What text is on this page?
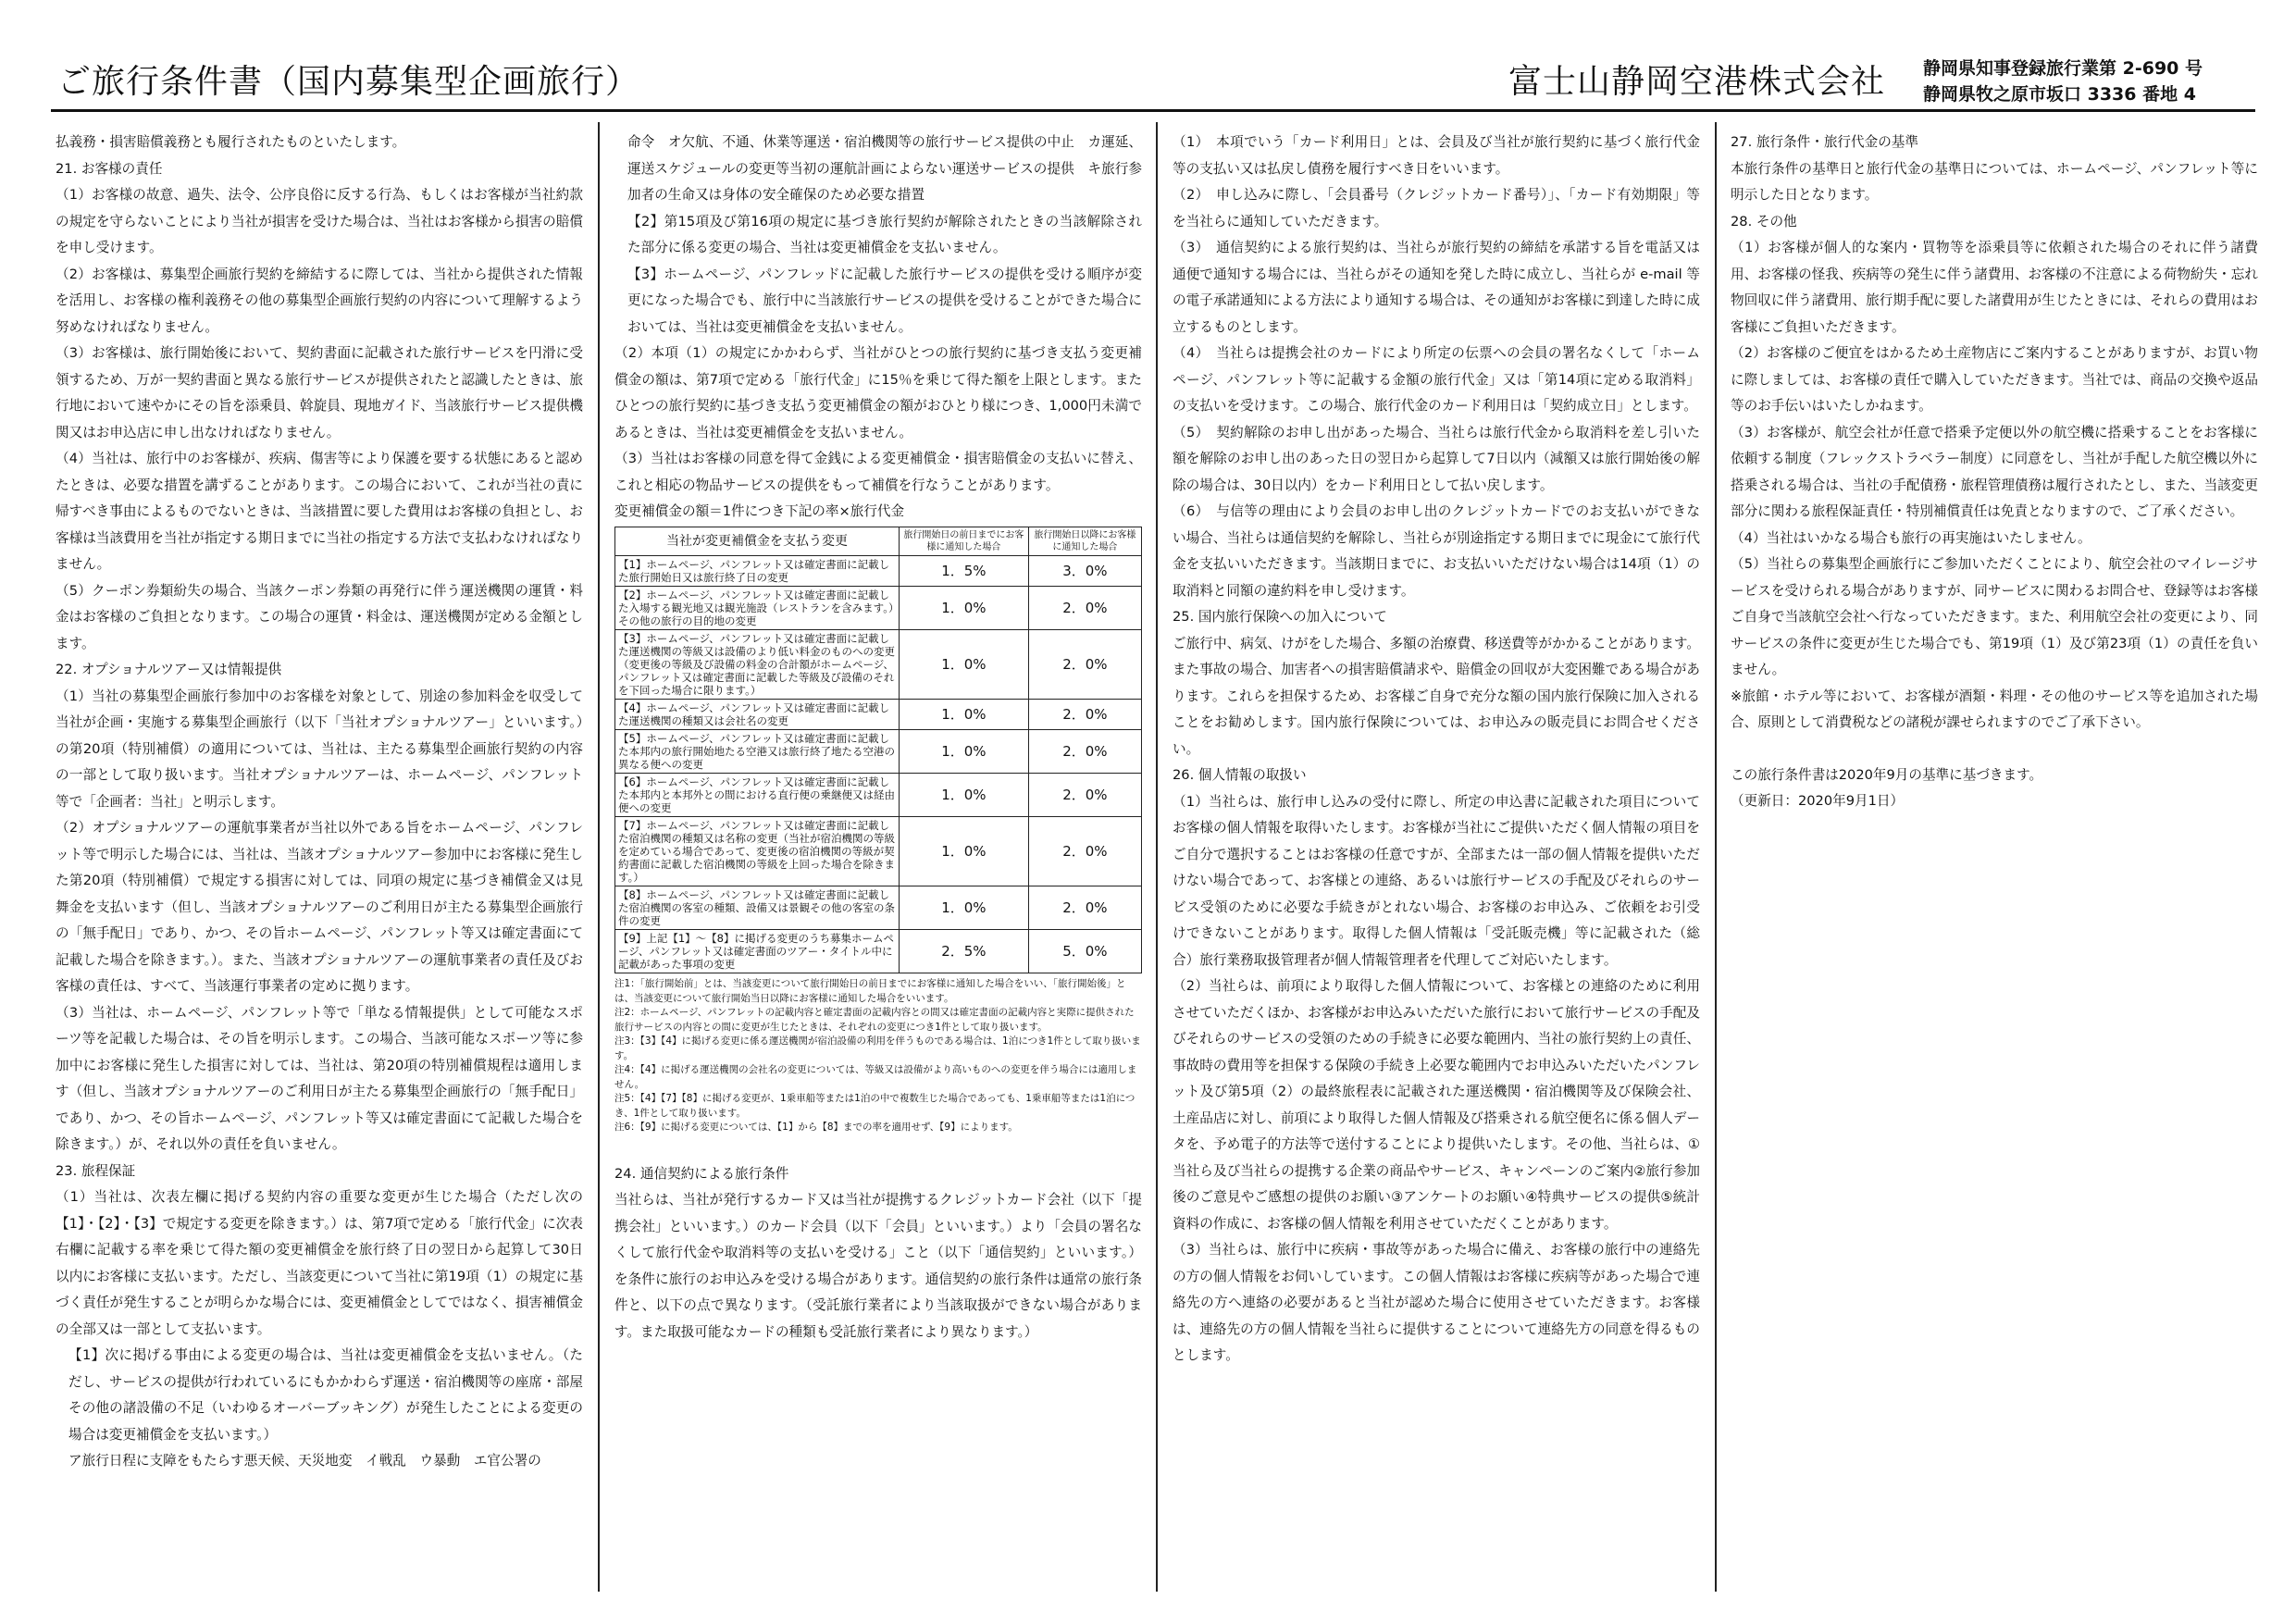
ご旅行条件書（国内募集型企画旅行）	富士山静岡空港株式会社 静岡県知事登録旅行業第 2-690 号
静岡県牧之原市坂口 3336 番地 4
払義務・損害賠償義務とも履行されたものといたします。
21. お客様の責任
（1）お客様の故意、過失、法令、公序良俗に反する行為、もしくはお客様が当社約款の規定を守らないことにより当社が損害を受けた場合は、当社はお客様から損害の賠償を申し受けます。
（2）お客様は、募集型企画旅行契約を締結するに際しては、当社から提供された情報を活用し、お客様の権利義務その他の募集型企画旅行契約の内容について理解するよう努めなければなりません。
（3）お客様は、旅行開始後において、契約書面に記載された旅行サービスを円滑に受領するため、万が一契約書面と異なる旅行サービスが提供されたと認識したときは、旅行地において速やかにその旨を添乗員、斡旋員、現地ガイド、当該旅行サービス提供機関又はお申込店に申し出なければなりません。
（4）当社は、旅行中のお客様が、疾病、傷害等により保護を要する状態にあると認めたときは、必要な措置を講ずることがあります。この場合において、これが当社の責に帰すべき事由によるものでないときは、当該措置に要した費用はお客様の負担とし、お客様は当該費用を当社が指定する期日までに当社の指定する方法で支払わなければなりません。
（5）クーポン券類紛失の場合、当該クーポン券類の再発行に伴う運送機関の運賃・料金はお客様のご負担となります。この場合の運賃・料金は、運送機関が定める金額とします。
22. オプショナルツアー又は情報提供
（1）当社の募集型企画旅行参加中のお客様を対象として、別途の参加料金を収受して当社が企画・実施する募集型企画旅行（以下「当社オプショナルツアー」といいます。）の第20項（特別補償）の適用については、当社は、主たる募集型企画旅行契約の内容の一部として取り扱います。当社オプショナルツアーは、ホームページ、パンフレット等で「企画者：当社」と明示します。
（2）オプショナルツアーの運航事業者が当社以外である旨をホームページ、パンフレット等で明示した場合には、当社は、当該オプショナルツアー参加中にお客様に発生した第20項（特別補償）で規定する損害に対しては、同項の規定に基づき補償金又は見舞金を支払います（但し、当該オプショナルツアーのご利用日が主たる募集型企画旅行の「無手配日」であり、かつ、その旨ホームページ、パンフレット等又は確定書面にて記載した場合を除きます。）。また、当該オプショナルツアーの運航事業者の責任及びお客様の責任は、すべて、当該運行事業者の定めに拠ります。
（3）当社は、ホームページ、パンフレット等で「単なる情報提供」として可能なスポーツ等を記載した場合は、その旨を明示します。この場合、当該可能なスポーツ等に参加中にお客様に発生した損害に対しては、当社は、第20項の特別補償規程は適用します（但し、当該オプショナルツアーのご利用日が主たる募集型企画旅行の「無手配日」であり、かつ、その旨ホームページ、パンフレット等又は確定書面にて記載した場合を除きます。）が、それ以外の責任を負いません。
23. 旅程保証
（1）当社は、次表左欄に掲げる契約内容の重要な変更が生じた場合（ただし次の【1】・【2】・【3】で規定する変更を除きます。）は、第7項で定める「旅行代金」に次表右欄に記載する率を乗じて得た額の変更補償金を旅行終了日の翌日から起算して30日以内にお客様に支払います。ただし、当該変更について当社に第19項（1）の規定に基づく責任が発生することが明らかな場合には、変更補償金としてではなく、損害補償金の全部又は一部として支払います。
【1】次に掲げる事由による変更の場合は、当社は変更補償金を支払いません。（ただし、サービスの提供が行われているにもかかわらず運送・宿泊機関等の座席・部屋その他の諸設備の不足（いわゆるオーバーブッキング）が発生したことによる変更の場合は変更補償金を支払います。）
ア旅行日程に支障をもたらす悪天候、天災地変　イ戦乱　ウ暴動　エ官公署の
命令　オ欠航、不通、休業等運送・宿泊機関等の旅行サービス提供の中止　カ運延、運送スケジュールの変更等当初の運航計画によらない運送サービスの提供　キ旅行参加者の生命又は身体の安全確保のため必要な措置
【2】第15項及び第16項の規定に基づき旅行契約が解除されたときの当該解除された部分に係る変更の場合、当社は変更補償金を支払いません。
【3】ホームページ、パンフレッドに記載した旅行サービスの提供を受ける順序が変更になった場合でも、旅行中に当該旅行サービスの提供を受けることができた場合においては、当社は変更補償金を支払いません。
（2）本項（1）の規定にかかわらず、当社がひとつの旅行契約に基づき支払う変更補償金の額は、第7項で定める「旅行代金」に15％を乗じて得た額を上限とします。またひとつの旅行契約に基づき支払う変更補償金の額がおひとり様につき、1,000円未満であるときは、当社は変更補償金を支払いません。
（3）当社はお客様の同意を得て金銭による変更補償金・損害賠償金の支払いに替え、これと相応の物品サービスの提供をもって補償を行なうことがあります。
変更補償金の額＝1件につき下記の率×旅行代金
当社が変更補償金を支払う変更	旅行開始日の前日までにお客様に通知した場合	旅行開始日以降にお客様に通知した場合
【1】ホームページ、パンフレット又は確定書面に記載した旅行開始日又は旅行終了日の変更	1．5%	3．0%
【2】ホームページ、パンフレット又は確定書面に記載した入場する観光地又は観光施設（レストランを含みます。）その他の旅行の目的地の変更	1．0%	2．0%
【3】ホームページ、パンフレット又は確定書面に記載した運送機関の等級又は設備のより低い料金のものへの変更（変更後の等級及び設備の料金の合計額がホームページ、パンフレット又は確定書面に記載した等級及び設備のそれを下回った場合に限ります。）	1．0%	2．0%
【4】ホームページ、パンフレット又は確定書面に記載した運送機関の種類又は会社名の変更	1．0%	2．0%
【5】ホームページ、パンフレット又は確定書面に記載した本邦内の旅行開始地たる空港又は旅行終了地たる空港の異なる便への変更	1．0%	2．0%
【6】ホームページ、パンフレット又は確定書面に記載した本邦内と本邦外との間における直行便の乗継便又は経由便への変更	1．0%	2．0%
【7】ホームページ、パンフレット又は確定書面に記載した宿泊機関の種類又は名称の変更（当社が宿泊機関の等級を定めている場合であって、変更後の宿泊機関の等級が契約書面に記載した宿泊機関の等級を上回った場合を除きます。）	1．0%	2．0%
【8】ホームページ、パンフレット又は確定書面に記載した宿泊機関の客室の種類、設備又は景観その他の客室の条件の変更	1．0%	2．0%
【9】上記【1】～【8】に掲げる変更のうち募集ホームページ、パンフレット又は確定書面のツアー・タイトル中に記載があった事項の変更	2．5%	5．0%
注1：「旅行開始前」とは、当該変更について旅行開始日の前日までにお客様に通知した場合をいい、「旅行開始後」とは、当該変更について旅行開始当日以降にお客様に通知した場合をいいます。
注2：ホームページ、パンフレットの記載内容と確定書面の記載内容との間又は確定書面の記載内容と実際に提供された旅行サービスの内容との間に変更が生じたときは、それぞれの変更につき1件として取り扱います。
注3：【3】【4】に掲げる変更に係る運送機関が宿泊設備の利用を伴うものである場合は、1泊につき1件として取り扱います。
注4：【4】に掲げる運送機関の会社名の変更については、等級又は設備がより高いものへの変更を伴う場合には適用しません。
注5：【4】【7】【8】に掲げる変更が、1乗車船等または1泊の中で複数生じた場合であっても、1乗車船等または1泊につき、1件として取り扱います。
注6：【9】に掲げる変更については、【1】から【8】までの率を適用せず、【9】によります。
24. 通信契約による旅行条件
当社らは、当社が発行するカード又は当社が提携するクレジットカード会社（以下「提携会社」といいます。）のカード会員（以下「会員」といいます。）より「会員の署名なくして旅行代金や取消料等の支払いを受ける」こと（以下「通信契約」といいます。）を条件に旅行のお申込みを受ける場合があります。通信契約の旅行条件は通常の旅行条件と、以下の点で異なります。（受託旅行業者により当該取扱ができない場合があります。また取扱可能なカードの種類も受託旅行業者により異なります。）
（1）　本項でいう「カード利用日」とは、会員及び当社が旅行契約に基づく旅行代金等の支払い又は払戻し債務を履行すべき日をいいます。
（2）　申し込みに際し、「会員番号（クレジットカード番号）」、「カード有効期限」等を当社らに通知していただきます。
（3）　通信契約による旅行契約は、当社らが旅行契約の締結を承諾する旨を電話又は通便で通知する場合には、当社らがその通知を発した時に成立し、当社らが e-mail 等の電子承諾通知による方法により通知する場合は、その通知がお客様に到達した時に成立するものとします。
（4）　当社らは提携会社のカードにより所定の伝票への会員の署名なくして「ホームページ、パンフレット等に記載する金額の旅行代金」又は「第14項に定める取消料」の支払いを受けます。この場合、旅行代金のカード利用日は「契約成立日」とします。
（5）　契約解除のお申し出があった場合、当社らは旅行代金から取消料を差し引いた額を解除のお申し出のあった日の翌日から起算して7日以内（減額又は旅行開始後の解除の場合は、30日以内）をカード利用日として払い戻します。
（6）　与信等の理由により会員のお申し出のクレジットカードでのお支払いができない場合、当社らは通信契約を解除し、当社らが別途指定する期日までに現金にて旅行代金を支払いいただきます。当該期日までに、お支払いいただけない場合は14項（1）の取消料と同額の違約料を申し受けます。
25. 国内旅行保険への加入について
ご旅行中、病気、けがをした場合、多額の治療費、移送費等がかかることがあります。また事故の場合、加害者への損害賠償請求や、賠償金の回収が大変困難である場合があります。これらを担保するため、お客様ご自身で充分な額の国内旅行保険に加入されることをお勧めします。国内旅行保険については、お申込みの販売員にお問合せください。
26. 個人情報の取扱い
（1）当社らは、旅行申し込みの受付に際し、所定の申込書に記載された項目についてお客様の個人情報を取得いたします。お客様が当社にご提供いただく個人情報の項目をご自分で選択することはお客様の任意ですが、全部または一部の個人情報を提供いただけない場合であって、お客様との連絡、あるいは旅行サービスの手配及びそれらのサービス受領のために必要な手続きがとれない場合、お客様のお申込み、ご依頼をお引受けできないことがあります。取得した個人情報は「受託販売機」等に記載された（総合）旅行業務取扱管理者が個人情報管理者を代理してご対応いたします。
（2）当社らは、前項により取得した個人情報について、お客様との連絡のために利用させていただくほか、お客様がお申込みいただいた旅行において旅行サービスの手配及びそれらのサービスの受領のための手続きに必要な範囲内、当社の旅行契約上の責任、事故時の費用等を担保する保険の手続き上必要な範囲内でお申込みいただいたパンフレット及び第5項（2）の最終旅程表に記載された運送機関・宿泊機関等及び保険会社、土産品店に対し、前項により取得した個人情報及び搭乗される航空便名に係る個人データを、予め電子的方法等で送付することにより提供いたします。その他、当社らは、①当社ら及び当社らの提携する企業の商品やサービス、キャンペーンのご案内②旅行参加後のご意見やご感想の提供のお願い③アンケートのお願い④特典サービスの提供⑤統計資料の作成に、お客様の個人情報を利用させていただくことがあります。
（3）当社らは、旅行中に疾病・事故等があった場合に備え、お客様の旅行中の連絡先の方の個人情報をお伺いしています。この個人情報はお客様に疾病等があった場合で連絡先の方へ連絡の必要があると当社が認めた場合に使用させていただきます。お客様は、連絡先の方の個人情報を当社らに提供することについて連絡先方の同意を得るものとします。
27. 旅行条件・旅行代金の基準
本旅行条件の基準日と旅行代金の基準日については、ホームページ、パンフレット等に明示した日となります。
28. その他
（1）お客様が個人的な案内・買物等を添乗員等に依頼された場合のそれに伴う諸費用、お客様の怪我、疾病等の発生に伴う諸費用、お客様の不注意による荷物紛失・忘れ物回収に伴う諸費用、旅行期手配に要した諸費用が生じたときには、それらの費用はお客様にご負担いただきます。
（2）お客様のご便宜をはかるため土産物店にご案内することがありますが、お買い物に際しましては、お客様の責任で購入していただきます。当社では、商品の交換や返品等のお手伝いはいたしかねます。
（3）お客様が、航空会社が任意で搭乗予定便以外の航空機に搭乗することをお客様に依頼する制度（フレックストラベラー制度）に同意をし、当社が手配した航空機以外に搭乗される場合は、当社の手配債務・旅程管理債務は履行されたとし、また、当該変更部分に関わる旅程保証責任・特別補償責任は免責となりますので、ご了承ください。
（4）当社はいかなる場合も旅行の再実施はいたしません。
（5）当社らの募集型企画旅行にご参加いただくことにより、航空会社のマイレージサービスを受けられる場合がありますが、同サービスに関わるお問合せ、登録等はお客様ご自身で当該航空会社へ行なっていただきます。また、利用航空会社の変更により、同サービスの条件に変更が生じた場合でも、第19項（1）及び第23項（1）の責任を負いません。
※旅館・ホテル等において、お客様が酒類・料理・その他のサービス等を追加された場合、原則として消費税などの諸税が課せられますのでご了承下さい。
この旅行条件書は2020年9月の基準に基づきます。
（更新日：2020年9月1日）
